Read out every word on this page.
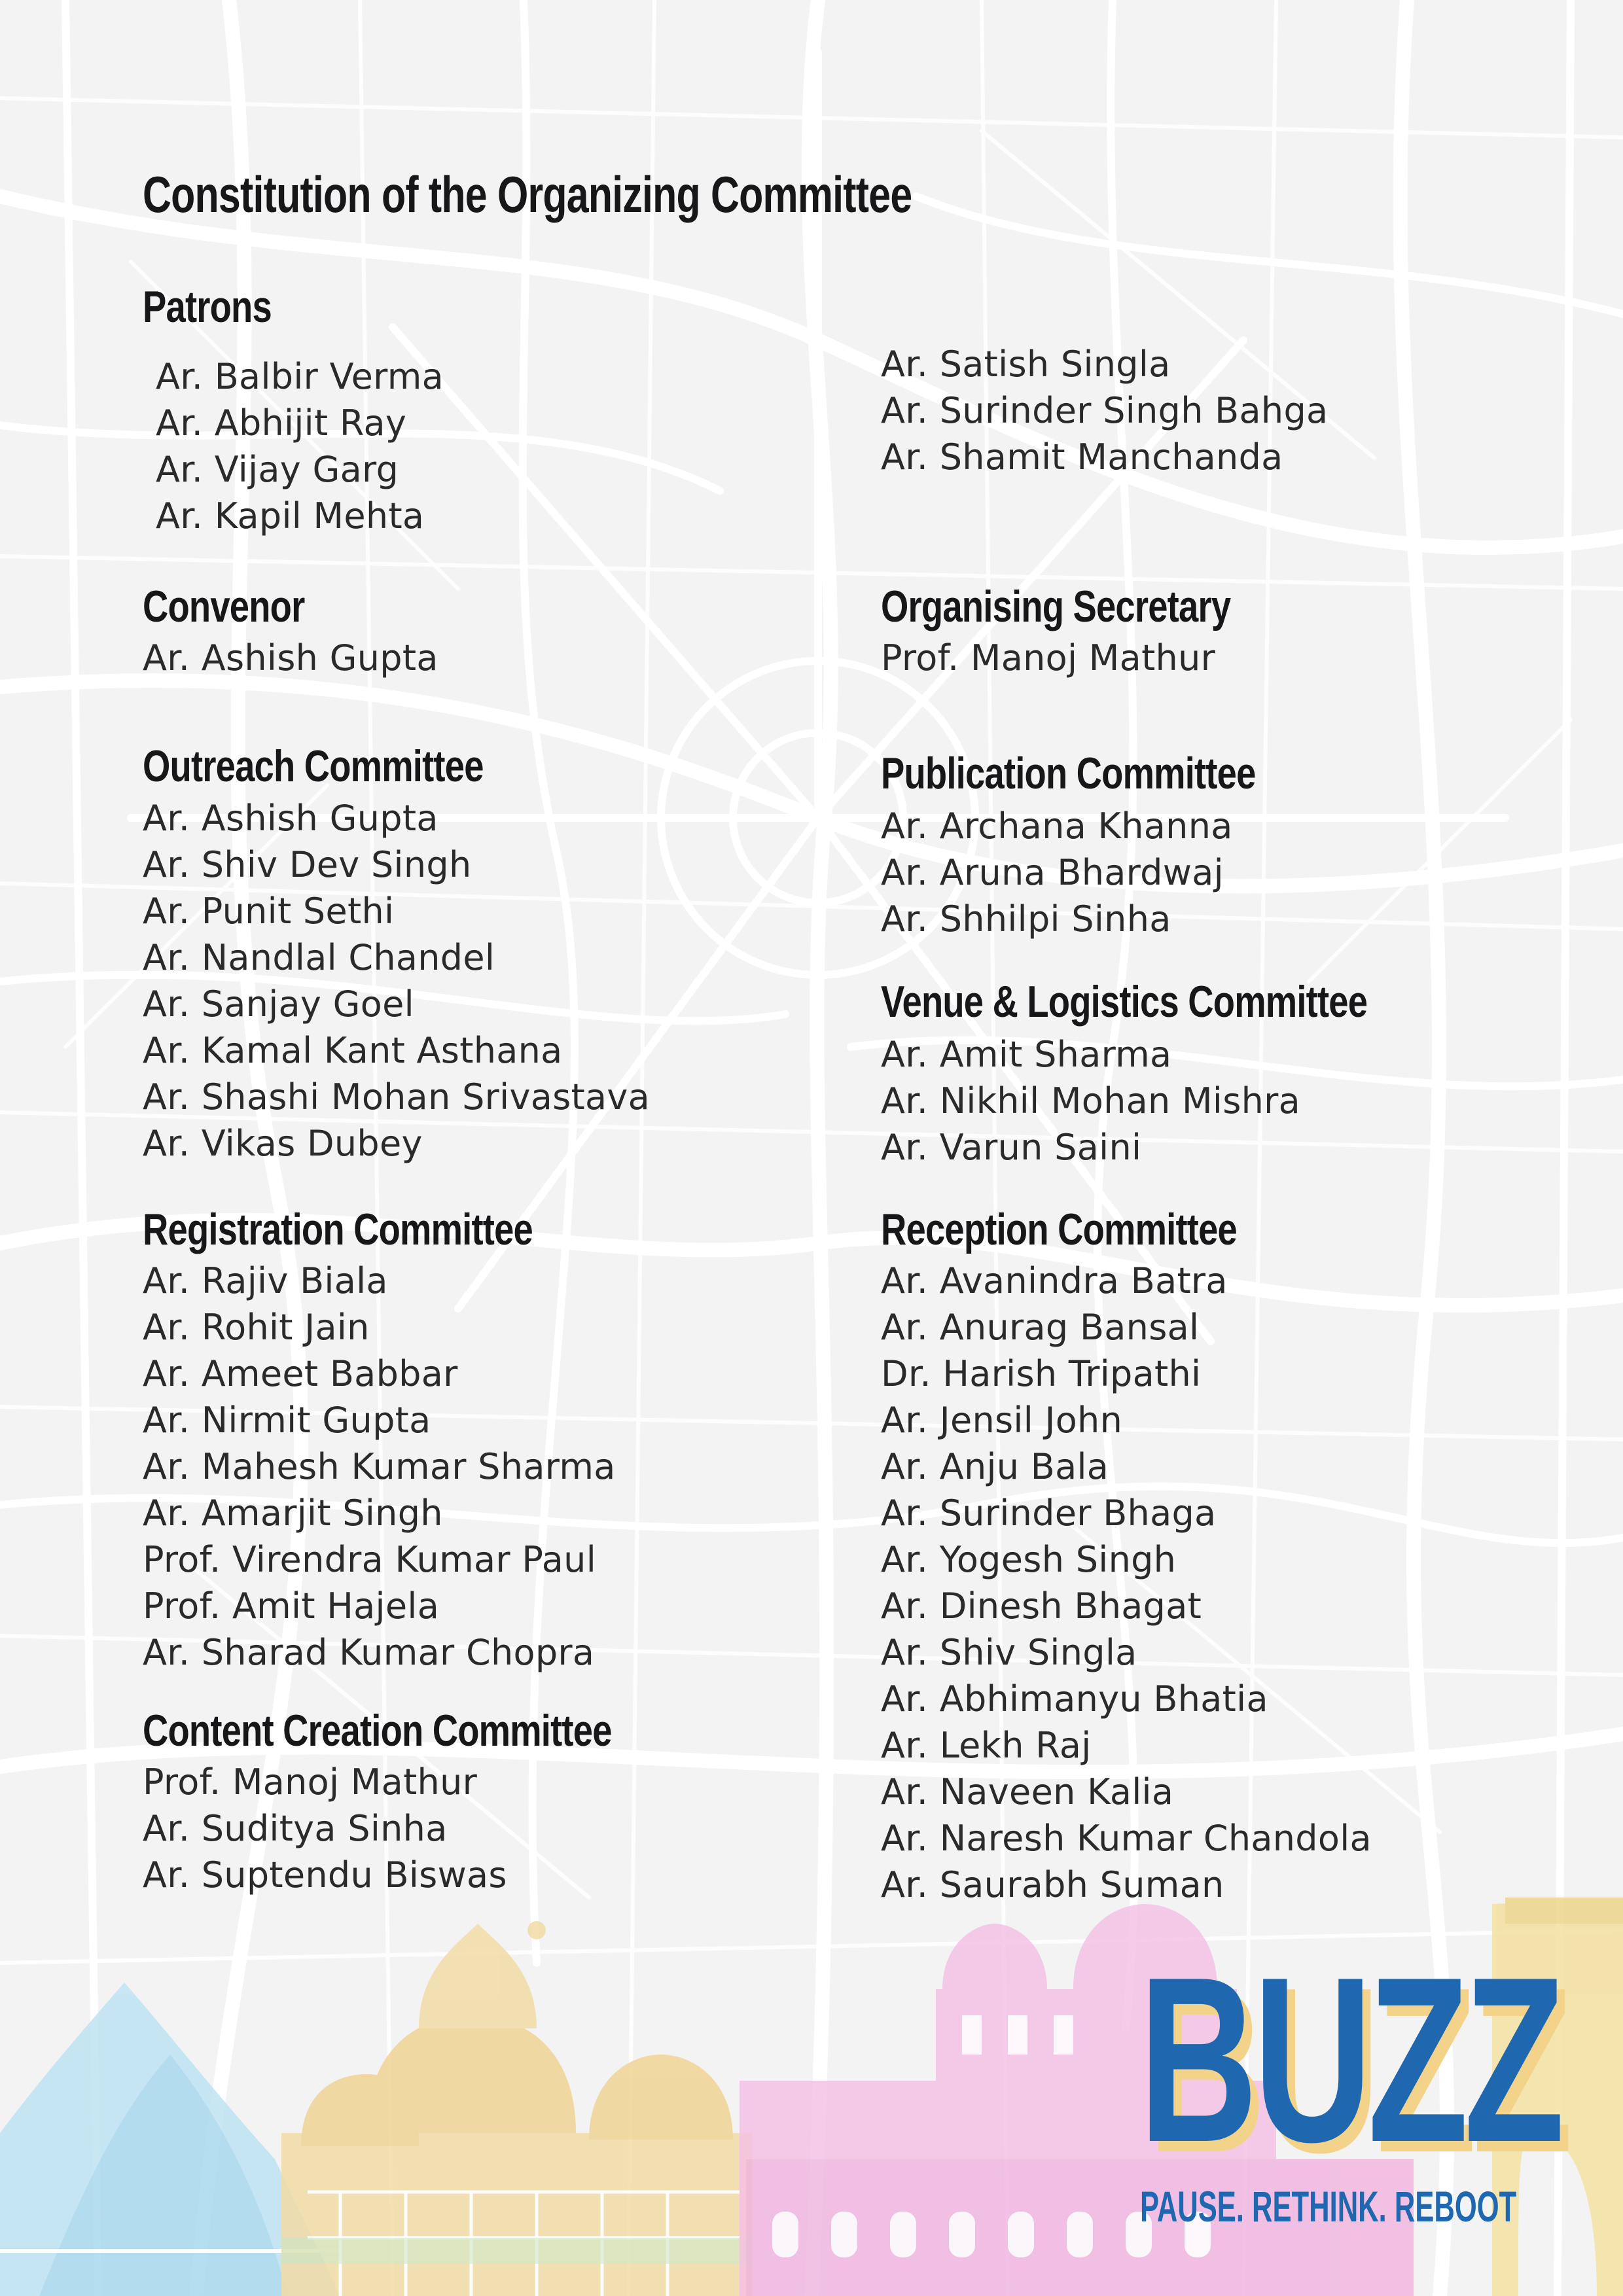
Constitution of the Organizing Committee
Patrons
Ar. Balbir Verma
Ar. Abhijit Ray
Ar. Vijay Garg
Ar. Kapil Mehta
Ar. Satish Singla
Ar. Surinder Singh Bahga
Ar. Shamit Manchanda
Convenor
Ar. Ashish Gupta
Organising Secretary
Prof. Manoj Mathur
Outreach Committee
Ar. Ashish Gupta
Ar. Shiv Dev Singh
Ar. Punit Sethi
Ar. Nandlal Chandel
Ar. Sanjay Goel
Ar. Kamal Kant Asthana
Ar. Shashi Mohan Srivastava
Ar. Vikas Dubey
Publication Committee
Ar. Archana Khanna
Ar. Aruna Bhardwaj
Ar. Shhilpi Sinha
Venue & Logistics Committee
Ar. Amit Sharma
Ar. Nikhil Mohan Mishra
Ar. Varun Saini
Registration Committee
Ar. Rajiv Biala
Ar. Rohit Jain
Ar. Ameet Babbar
Ar. Nirmit Gupta
Ar. Mahesh Kumar Sharma
Ar. Amarjit Singh
Prof. Virendra Kumar Paul
Prof. Amit Hajela
Ar. Sharad Kumar Chopra
Reception Committee
Ar. Avanindra Batra
Ar. Anurag Bansal
Dr. Harish Tripathi
Ar. Jensil John
Ar. Anju Bala
Ar. Surinder Bhaga
Ar. Yogesh Singh
Ar. Dinesh Bhagat
Ar. Shiv Singla
Ar. Abhimanyu Bhatia
Ar. Lekh Raj
Ar. Naveen Kalia
Ar. Naresh Kumar Chandola
Ar. Saurabh Suman
Content Creation Committee
Prof. Manoj Mathur
Ar. Suditya Sinha
Ar. Suptendu Biswas
BUZZ
PAUSE. RETHINK. REBOOT
